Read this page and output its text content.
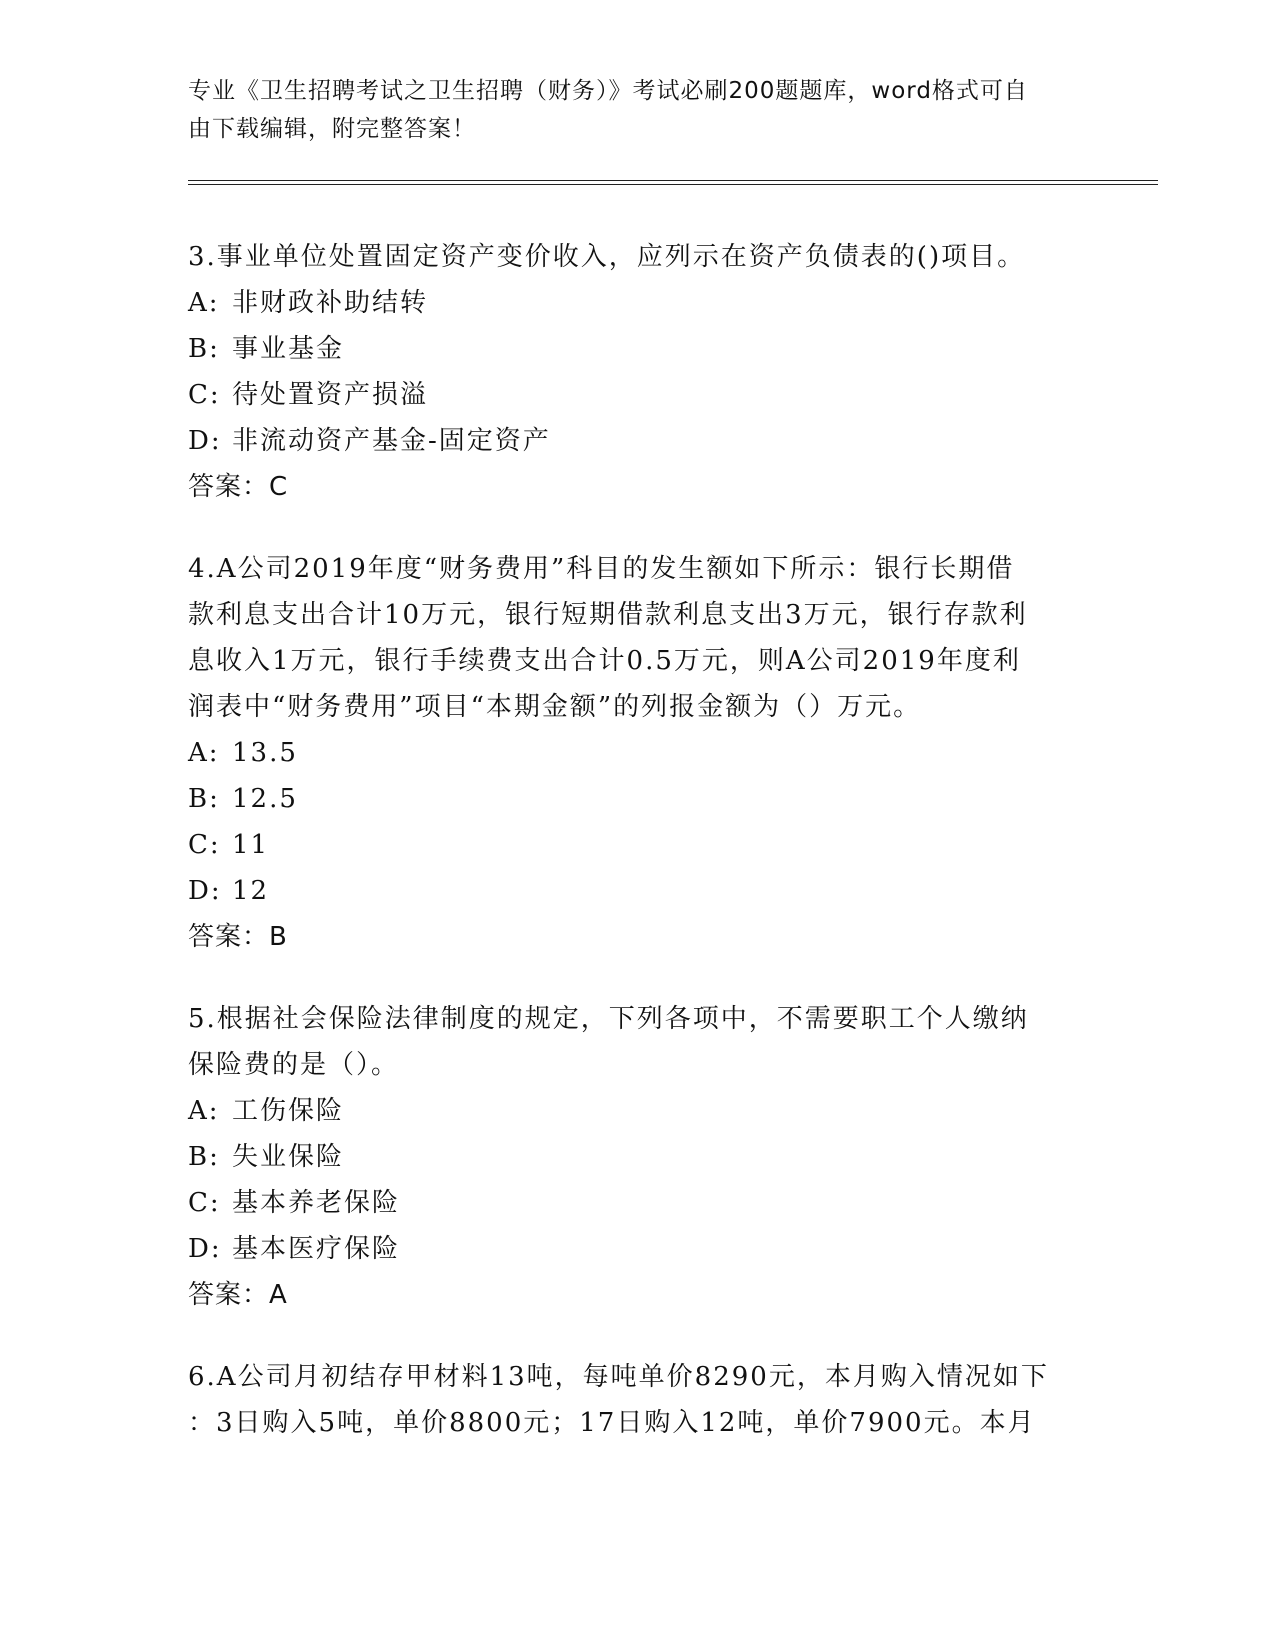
专业《卫生招聘考试之卫生招聘（财务）》考试必刷200题题库，word格式可自
由下载编辑，附完整答案！

3.事业单位处置固定资产变价收入，应列示在资产负债表的()项目。

A: 非财政补助结转

B: 事业基金

C: 待处置资产损溢

D: 非流动资产基金-固定资产

答案：C

4.A公司2019年度“财务费用”科目的发生额如下所示：银行长期借

款利息支出合计10万元，银行短期借款利息支出3万元，银行存款利

息收入1万元，银行手续费支出合计0.5万元，则A公司2019年度利

润表中“财务费用”项目“本期金额”的列报金额为（）万元。

A: 13.5

B: 12.5

C: 11

D: 12

答案：B

5.根据社会保险法律制度的规定，下列各项中，不需要职工个人缴纳

保险费的是（）。

A: 工伤保险

B: 失业保险

C: 基本养老保险

D: 基本医疗保险

答案：A

6.A公司月初结存甲材料13吨，每吨单价8290元，本月购入情况如下

：3日购入5吨，单价8800元；17日购入12吨，单价7900元。本月
